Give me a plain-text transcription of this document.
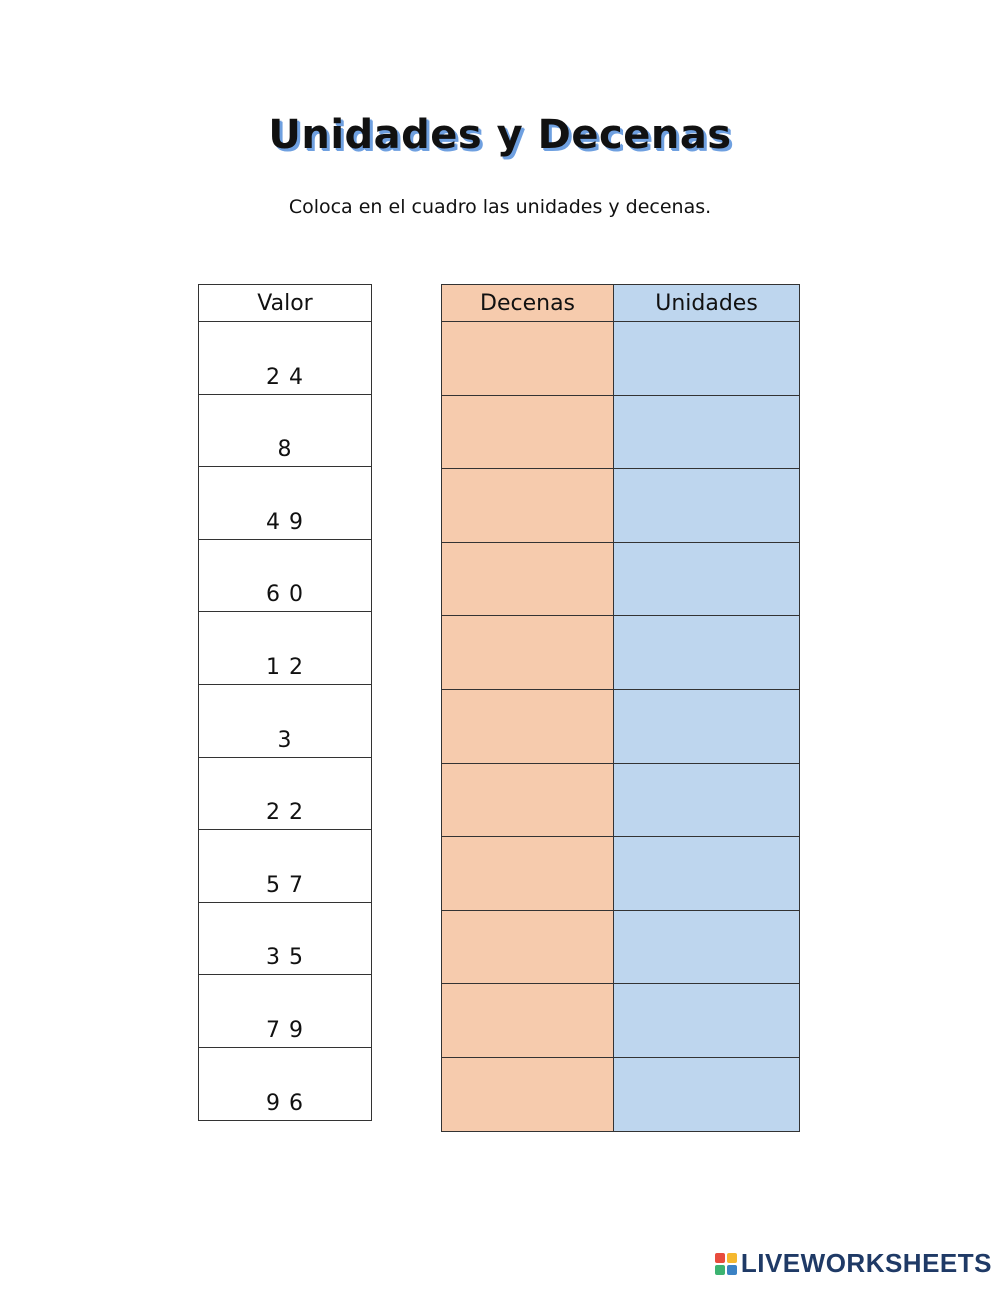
Unidades y Decenas
Coloca en el cuadro las unidades y decenas.
Valor
2 4
8
4 9
6 0
1 2
3
2 2
5 7
3 5
7 9
9 6
Decenas	Unidades

LIVEWORKSHEETS
